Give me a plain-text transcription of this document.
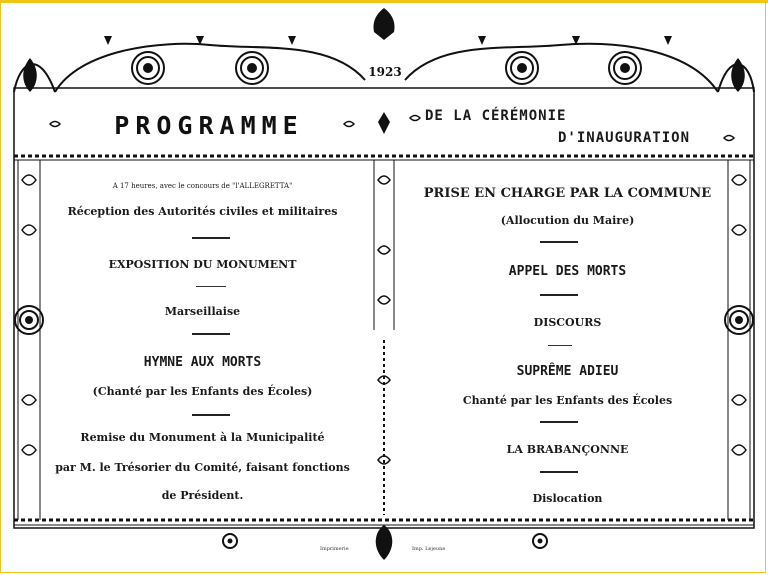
1923
PROGRAMME	DE LA CÉRÉMONIE
D'INAUGURATION
A 17 heures, avec le concours de "l'ALLEGRETTA"
Réception des Autorités civiles et militaires
EXPOSITION DU MONUMENT
Marseillaise
HYMNE AUX MORTS
(Chanté par les Enfants des Écoles)
Remise du Monument à la Municipalité
par M. le Trésorier du Comité, faisant fonctions
de Président.
PRISE EN CHARGE PAR LA COMMUNE
(Allocution du Maire)
APPEL DES MORTS
DISCOURS
SUPRÊME ADIEU
Chanté par les Enfants des Écoles
LA BRABANÇONNE
Dislocation
Imprimerie	Imp. Lejeune
